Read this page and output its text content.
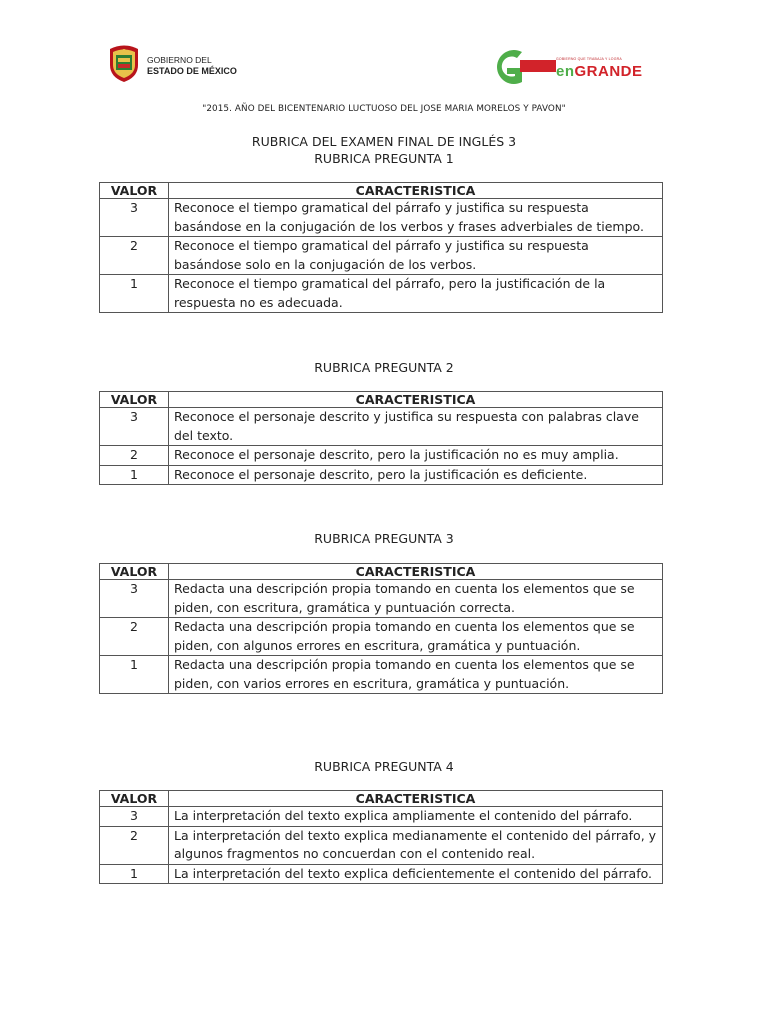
GOBIERNO DEL
ESTADO DE MÉXICO
GOBIERNO QUE TRABAJA Y LOGRA
enGRANDE
"2015. AÑO DEL BICENTENARIO LUCTUOSO DEL JOSE MARIA MORELOS Y PAVON"
RUBRICA DEL EXAMEN FINAL DE INGLÉS 3
RUBRICA PREGUNTA 1
VALOR	CARACTERISTICA
3	Reconoce el tiempo gramatical del párrafo y justifica su respuesta basándose en la conjugación de los verbos y frases adverbiales de tiempo.
2	Reconoce el tiempo gramatical del párrafo y justifica su respuesta basándose solo en la conjugación de los verbos.
1	Reconoce el tiempo gramatical del párrafo, pero la justificación de la respuesta no es adecuada.
RUBRICA PREGUNTA 2
VALOR	CARACTERISTICA
3	Reconoce el personaje descrito y justifica su respuesta con palabras clave del texto.
2	Reconoce el personaje descrito, pero la justificación no es muy amplia.
1	Reconoce el personaje descrito, pero la justificación es deficiente.
RUBRICA PREGUNTA 3
VALOR	CARACTERISTICA
3	Redacta una descripción propia tomando en cuenta los elementos que se piden, con escritura, gramática y puntuación correcta.
2	Redacta una descripción propia tomando en cuenta los elementos que se piden, con algunos errores en escritura, gramática y puntuación.
1	Redacta una descripción propia tomando en cuenta los elementos que se piden, con varios errores en escritura, gramática y puntuación.
RUBRICA PREGUNTA 4
VALOR	CARACTERISTICA
3	La interpretación del texto explica ampliamente el contenido del párrafo.
2	La interpretación del texto explica medianamente el contenido del párrafo, y algunos fragmentos no concuerdan con el contenido real.
1	La interpretación del texto explica deficientemente el contenido del párrafo.
